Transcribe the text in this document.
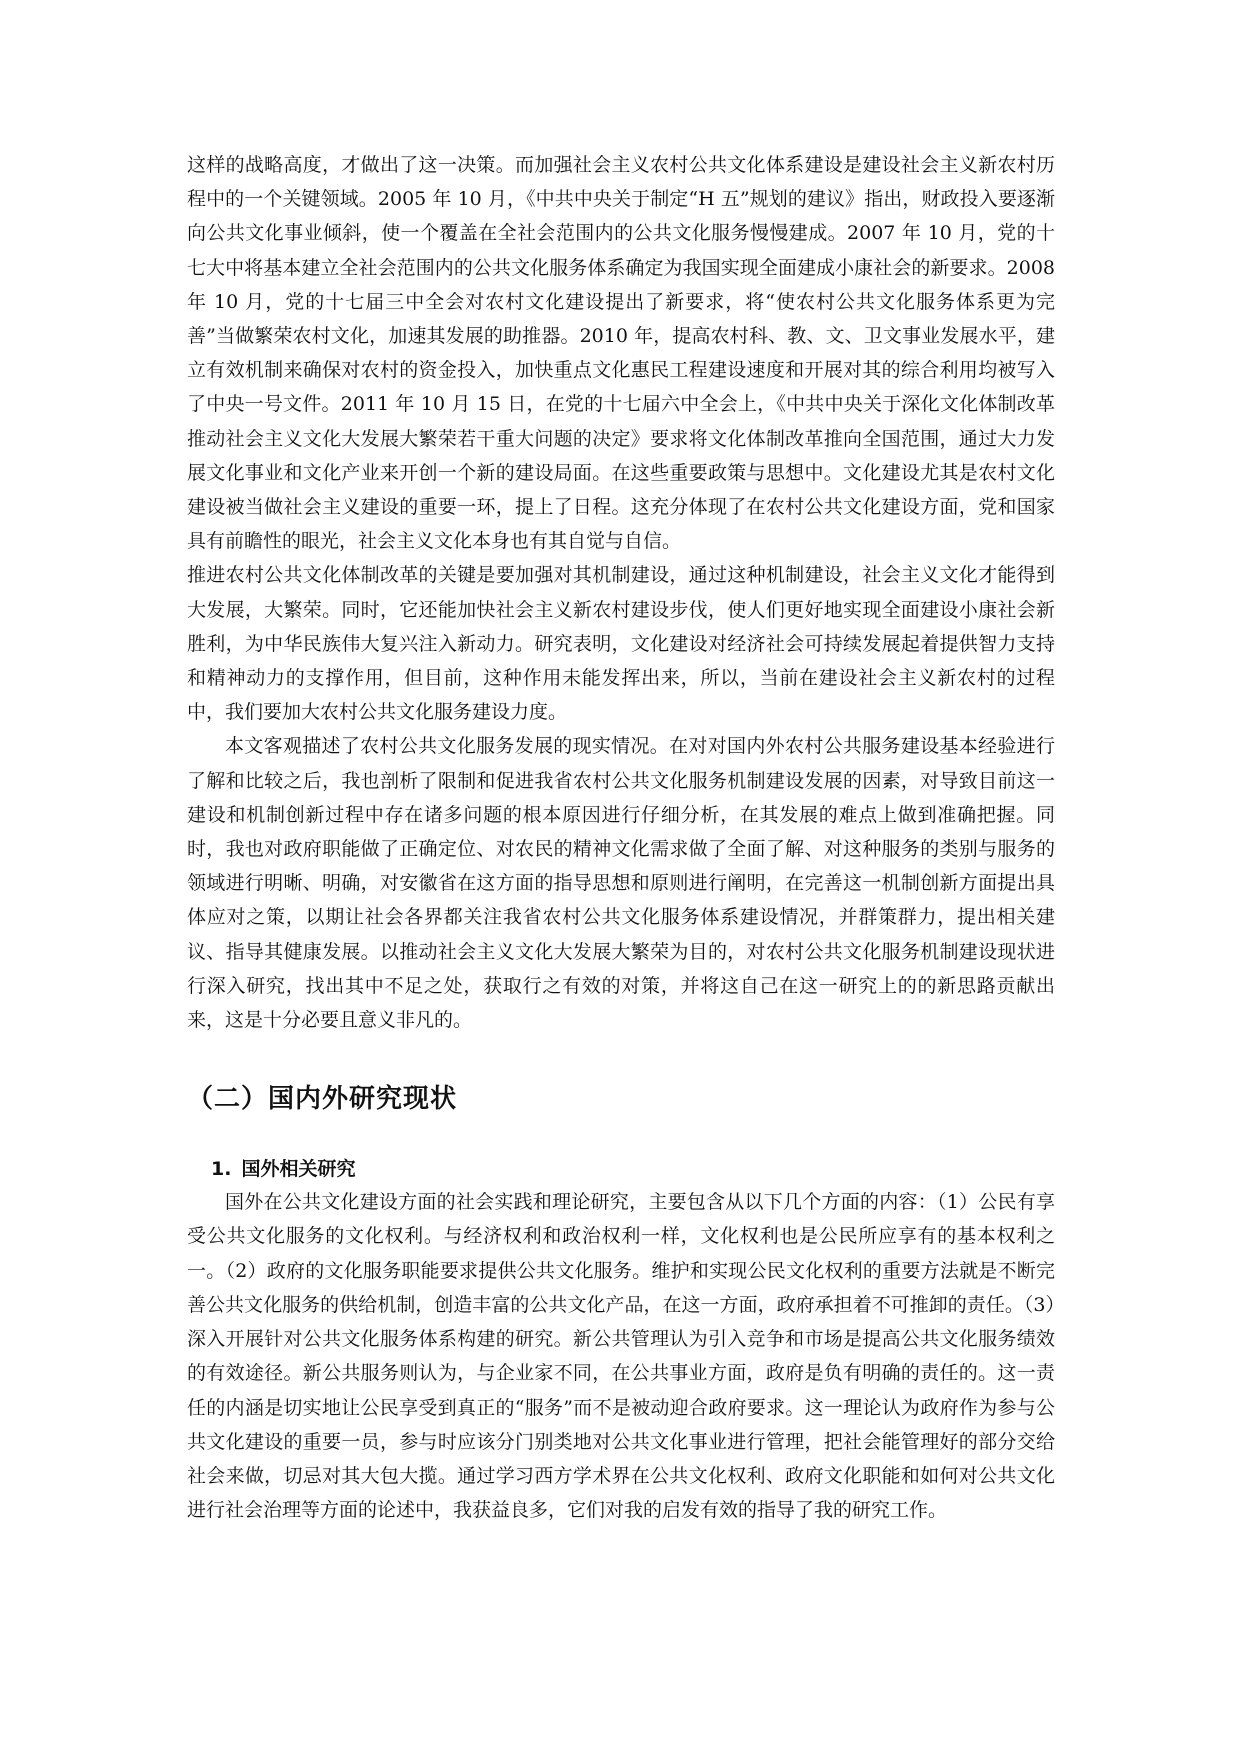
这样的战略高度，才做出了这一决策。而加强社会主义农村公共文化体系建设是建设社会主义新农村历程中的一个关键领域。2005 年 10 月，《中共中央关于制定“H 五”规划的建议》指出，财政投入要逐渐向公共文化事业倾斜，使一个覆盖在全社会范围内的公共文化服务慢慢建成。2007 年 10 月，党的十七大中将基本建立全社会范围内的公共文化服务体系确定为我国实现全面建成小康社会的新要求。2008 年 10 月，党的十七届三中全会对农村文化建设提出了新要求，将“使农村公共文化服务体系更为完善”当做繁荣农村文化，加速其发展的助推器。2010 年，提高农村科、教、文、卫文事业发展水平，建立有效机制来确保对农村的资金投入，加快重点文化惠民工程建设速度和开展对其的综合利用均被写入了中央一号文件。2011 年 10 月 15 日，在党的十七届六中全会上，《中共中央关于深化文化体制改革推动社会主义文化大发展大繁荣若干重大问题的决定》要求将文化体制改革推向全国范围，通过大力发展文化事业和文化产业来开创一个新的建设局面。在这些重要政策与思想中。文化建设尤其是农村文化建设被当做社会主义建设的重要一环，提上了日程。这充分体现了在农村公共文化建设方面，党和国家具有前瞻性的眼光，社会主义文化本身也有其自觉与自信。

推进农村公共文化体制改革的关键是要加强对其机制建设，通过这种机制建设，社会主义文化才能得到大发展，大繁荣。同时，它还能加快社会主义新农村建设步伐，使人们更好地实现全面建设小康社会新胜利，为中华民族伟大复兴注入新动力。研究表明，文化建设对经济社会可持续发展起着提供智力支持和精神动力的支撑作用，但目前，这种作用未能发挥出来，所以，当前在建设社会主义新农村的过程中，我们要加大农村公共文化服务建设力度。

本文客观描述了农村公共文化服务发展的现实情况。在对对国内外农村公共服务建设基本经验进行了解和比较之后，我也剖析了限制和促进我省农村公共文化服务机制建设发展的因素，对导致目前这一建设和机制创新过程中存在诸多问题的根本原因进行仔细分析，在其发展的难点上做到准确把握。同时，我也对政府职能做了正确定位、对农民的精神文化需求做了全面了解、对这种服务的类别与服务的领域进行明晰、明确，对安徽省在这方面的指导思想和原则进行阐明，在完善这一机制创新方面提出具体应对之策，以期让社会各界都关注我省农村公共文化服务体系建设情况，并群策群力，提出相关建议、指导其健康发展。以推动社会主义文化大发展大繁荣为目的，对农村公共文化服务机制建设现状进行深入研究，找出其中不足之处，获取行之有效的对策，并将这自己在这一研究上的的新思路贡献出来，这是十分必要且意义非凡的。

（二）国内外研究现状
1. 国外相关研究

国外在公共文化建设方面的社会实践和理论研究，主要包含从以下几个方面的内容：（1）公民有享受公共文化服务的文化权利。与经济权利和政治权利一样，文化权利也是公民所应享有的基本权利之一。（2）政府的文化服务职能要求提供公共文化服务。维护和实现公民文化权利的重要方法就是不断完善公共文化服务的供给机制，创造丰富的公共文化产品，在这一方面，政府承担着不可推卸的责任。（3）深入开展针对公共文化服务体系构建的研究。新公共管理认为引入竞争和市场是提高公共文化服务绩效的有效途径。新公共服务则认为，与企业家不同，在公共事业方面，政府是负有明确的责任的。这一责任的内涵是切实地让公民享受到真正的“服务”而不是被动迎合政府要求。这一理论认为政府作为参与公共文化建设的重要一员，参与时应该分门别类地对公共文化事业进行管理，把社会能管理好的部分交给社会来做，切忌对其大包大揽。通过学习西方学术界在公共文化权利、政府文化职能和如何对公共文化进行社会治理等方面的论述中，我获益良多，它们对我的启发有效的指导了我的研究工作。
